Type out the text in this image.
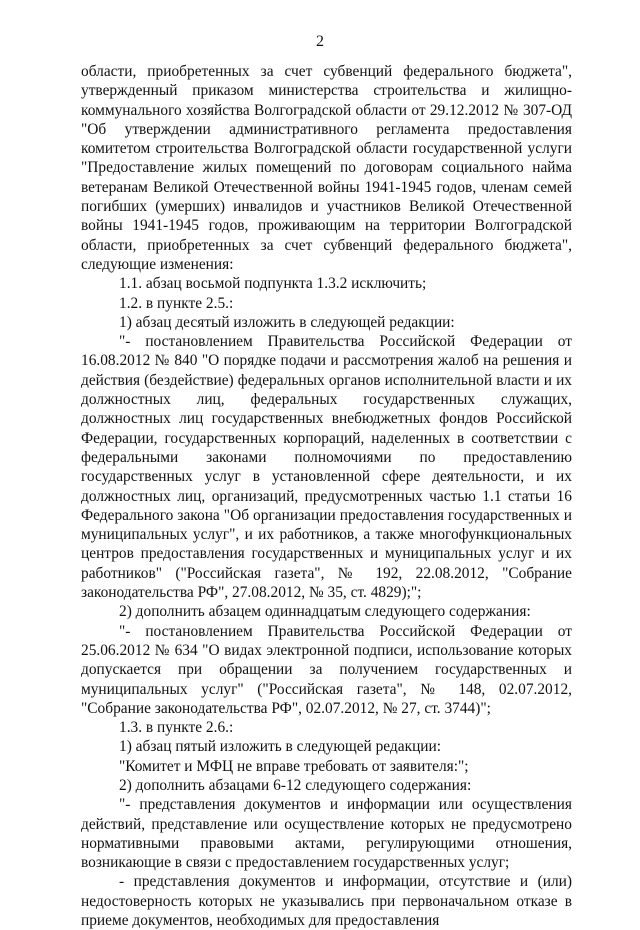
2

области, приобретенных за счет субвенций федерального бюджета", утвержденный приказом министерства строительства и жилищно-коммунального хозяйства Волгоградской области от 29.12.2012 № 307-ОД "Об утверждении административного регламента предоставления комитетом строительства Волгоградской области государственной услуги "Предоставление жилых помещений по договорам социального найма ветеранам Великой Отечественной войны 1941-1945 годов, членам семей погибших (умерших) инвалидов и участников Великой Отечественной войны 1941-1945 годов, проживающим на территории Волгоградской области, приобретенных за счет субвенций федерального бюджета", следующие изменения:

1.1. абзац восьмой подпункта 1.3.2 исключить;

1.2. в пункте 2.5.:

1) абзац десятый изложить в следующей редакции:

"- постановлением Правительства Российской Федерации от 16.08.2012 № 840 "О порядке подачи и рассмотрения жалоб на решения и действия (бездействие) федеральных органов исполнительной власти и их должностных лиц, федеральных государственных служащих, должностных лиц государственных внебюджетных фондов Российской Федерации, государственных корпораций, наделенных в соответствии с федеральными законами полномочиями по предоставлению государственных услуг в установленной сфере деятельности, и их должностных лиц, организаций, предусмотренных частью 1.1 статьи 16 Федерального закона "Об организации предоставления государственных и муниципальных услуг", и их работников, а также многофункциональных центров предоставления государственных и муниципальных услуг и их работников" ("Российская газета", № 192, 22.08.2012, "Собрание законодательства РФ", 27.08.2012, № 35, ст. 4829);";

2) дополнить абзацем одиннадцатым следующего содержания:

"- постановлением Правительства Российской Федерации от 25.06.2012 № 634 "О видах электронной подписи, использование которых допускается при обращении за получением государственных и муниципальных услуг" ("Российская газета", № 148, 02.07.2012, "Собрание законодательства РФ", 02.07.2012, № 27, ст. 3744)";

1.3. в пункте 2.6.:

1) абзац пятый изложить в следующей редакции:

"Комитет и МФЦ не вправе требовать от заявителя:";

2) дополнить абзацами 6-12 следующего содержания:

"- представления документов и информации или осуществления действий, представление или осуществление которых не предусмотрено нормативными правовыми актами, регулирующими отношения, возникающие в связи с предоставлением государственных услуг;

- представления документов и информации, отсутствие и (или) недостоверность которых не указывались при первоначальном отказе в приеме документов, необходимых для предоставления
